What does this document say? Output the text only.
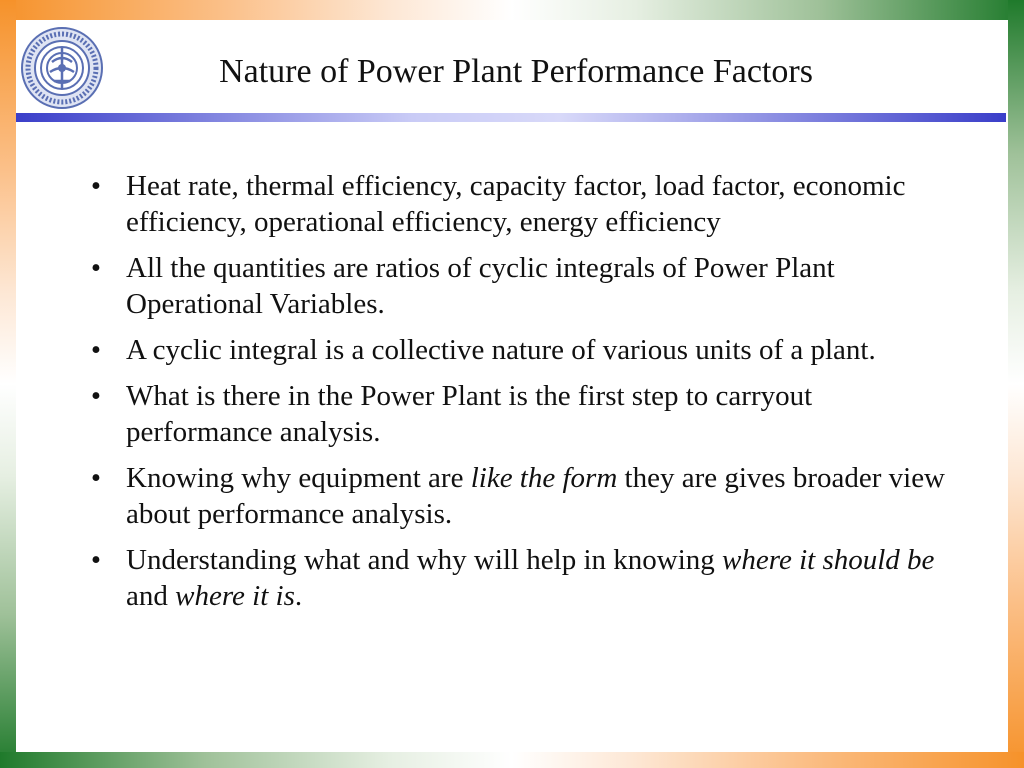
Nature of Power Plant Performance Factors
• Heat rate, thermal efficiency, capacity factor, load factor, economic efficiency, operational efficiency, energy efficiency
• All the quantities are ratios of cyclic integrals of Power Plant Operational Variables.
• A cyclic integral is a collective nature of various units of a plant.
• What is there in the Power Plant is the first step to carryout performance analysis.
• Knowing why equipment are like the form they are gives broader view about performance analysis.
• Understanding what and why will help in knowing where it should be and where it is.
